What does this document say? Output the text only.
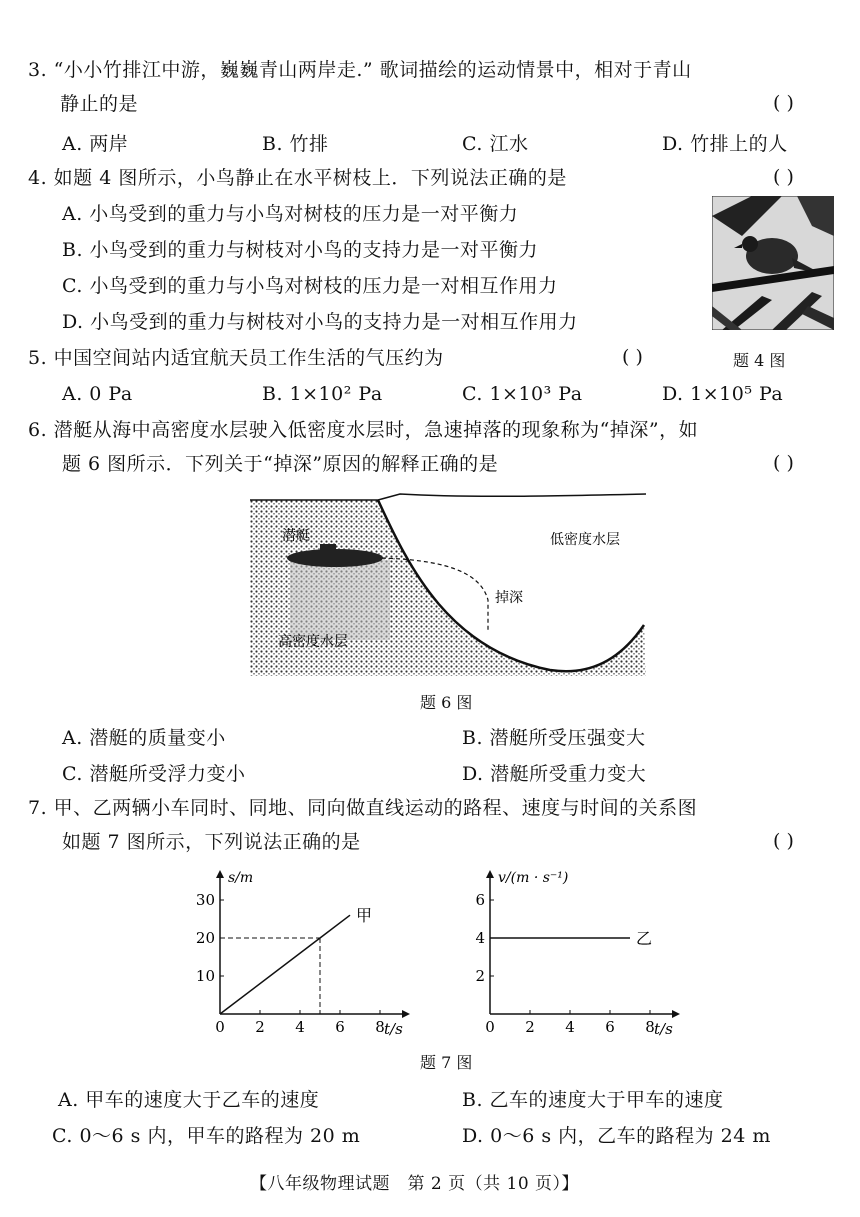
3. “小小竹排江中游，巍巍青山两岸走.” 歌词描绘的运动情景中，相对于青山
静止的是	( )
A. 两岸	B. 竹排	C. 江水	D. 竹排上的人
4. 如题 4 图所示，小鸟静止在水平树枝上．下列说法正确的是	( )
A. 小鸟受到的重力与小鸟对树枝的压力是一对平衡力
B. 小鸟受到的重力与树枝对小鸟的支持力是一对平衡力
C. 小鸟受到的重力与小鸟对树枝的压力是一对相互作用力
D. 小鸟受到的重力与树枝对小鸟的支持力是一对相互作用力
题 4 图
5. 中国空间站内适宜航天员工作生活的气压约为	( )
A. 0 Pa	B. 1×10² Pa	C. 1×10³ Pa	D. 1×10⁵ Pa
6. 潜艇从海中高密度水层驶入低密度水层时，急速掉落的现象称为“掉深”，如
题 6 图所示．下列关于“掉深”原因的解释正确的是	( )
潜艇	低密度水层
掉深
高密度水层
题 6 图
A. 潜艇的质量变小	B. 潜艇所受压强变大
C. 潜艇所受浮力变小	D. 潜艇所受重力变大
7. 甲、乙两辆小车同时、同地、同向做直线运动的路程、速度与时间的关系图
如题 7 图所示，下列说法正确的是	( )
0 2 4 6 8
10
20
30
s/m
t/s
甲
0 2 4 6 8
2
4
6
v/(m · s⁻¹)
t/s
乙
题 7 图
A. 甲车的速度大于乙车的速度	B. 乙车的速度大于甲车的速度
C. 0～6 s 内，甲车的路程为 20 m	D. 0～6 s 内，乙车的路程为 24 m
【八年级物理试题　第 2 页（共 10 页）】
